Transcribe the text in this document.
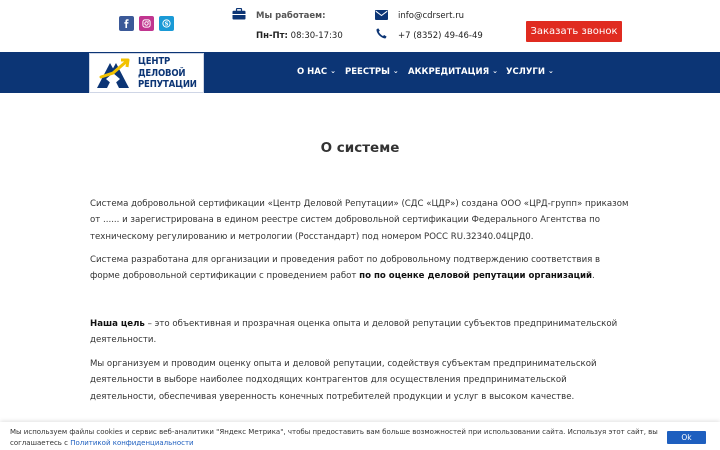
S
Мы работаем:
Пн-Пт: 08:30-17:30
info@cdrsert.ru
+7 (8352) 49-46-49	Заказать звонок
ЦЕНТР
ДЕЛОВОЙ
РЕПУТАЦИИ
О НАС ⌄ РЕЕСТРЫ ⌄ АККРЕДИТАЦИЯ ⌄ УСЛУГИ ⌄
О системе

Система добровольной сертификации «Центр Деловой Репутации» (СДС «ЦДР») создана ООО «ЦРД-групп» приказом от ...... и зарегистрирована в едином реестре систем добровольной сертификации Федерального Агентства по техническому регулированию и метрологии (Росстандарт) под номером РОСС RU.32340.04ЦРД0.

Система разработана для организации и проведения работ по добровольному подтверждению соответствия в форме добровольной сертификации с проведением работ по по оценке деловой репутации организаций.

Наша цель – это объективная и прозрачная оценка опыта и деловой репутации субъектов предпринимательской деятельности.

Мы организуем и проводим оценку опыта и деловой репутации, содействуя субъектам предпринимательской деятельности в выборе наиболее подходящих контрагентов для осуществления предпринимательской деятельности, обеспечивая уверенность конечных потребителей продукции и услуг в высоком качестве.

Мы используем файлы cookies и сервис веб-аналитики "Яндекс Метрика", чтобы предоставить вам больше возможностей при использовании сайта. Используя этот сайт, вы соглашаетесь с Политикой конфиденциальности
Ok
